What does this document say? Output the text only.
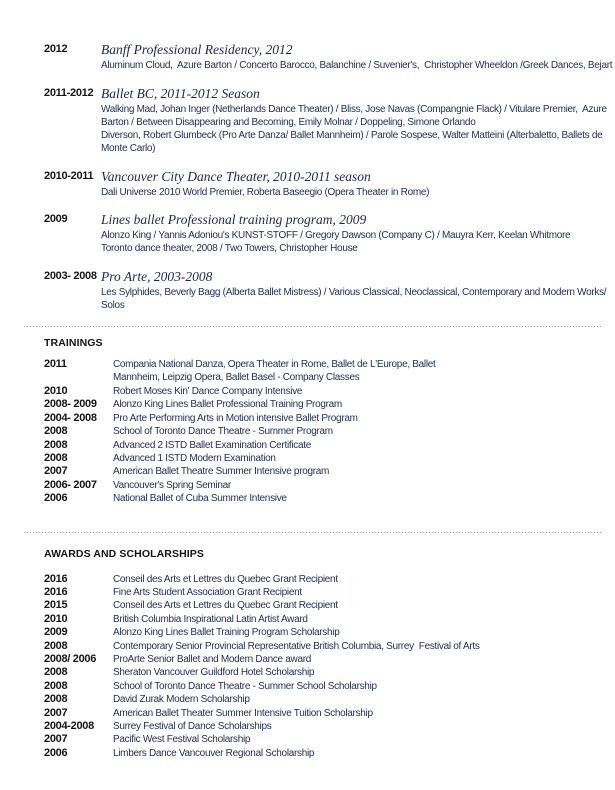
2012	Banff Professional Residency, 2012
Aluminum Cloud,  Azure Barton / Concerto Barocco, Balanchine / Suvenier's,  Christopher Wheeldon /Greek Dances, Bejart
2011-2012 Ballet BC, 2011-2012 Season
Walking Mad, Johan Inger (Netherlands Dance Theater) / Bliss, Jose Navas (Compangnie Flack) / Vitulare Premier,  Azure
Barton / Between Disappearing and Becoming, Emily Molnar / Doppeling, Simone Orlando
Diverson, Robert Glumbeck (Pro Arte Danza/ Ballet Mannheim) / Parole Sospese, Walter Matteini (Alterbaletto, Ballets de
Monte Carlo)
2010-2011 Vancouver City Dance Theater, 2010-2011 season
Dali Universe 2010 World Premier, Roberta Baseegio (Opera Theater in Rome)
2009	Lines ballet Professional training program, 2009
Alonzo King / Yannis Adoniou's KUNST-STOFF / Gregory Dawson (Company C) / Mauyra Kerr, Keelan Whitmore
Toronto dance theater, 2008 / Two Towers, Christopher House
2003- 2008 Pro Arte, 2003-2008
Les Sylphides, Beverly Bagg (Alberta Ballet Mistress) / Various Classical, Neoclassical, Contemporary and Modern Works/
Solos
TRAININGS
2011	Compania National Danza, Opera Theater in Rome, Ballet de L'Europe, Ballet
Mannheim, Leipzig Opera, Ballet Basel - Company Classes
2010	Robert Moses Kin' Dance Company Intensive
2008- 2009	Alonzo King Lines Ballet Professional Training Program
2004- 2008	Pro Arte Performing Arts in Motion intensive Ballet Program
2008	School of Toronto Dance Theatre - Summer Program
2008	Advanced 2 ISTD Ballet Examination Certificate
2008	Advanced 1 ISTD Modern Examination
2007	American Ballet Theatre Summer Intensive program
2006- 2007	Vancouver's Spring Seminar
2006	National Ballet of Cuba Summer Intensive
AWARDS AND SCHOLARSHIPS
2016	Conseil des Arts et Lettres du Quebec Grant Recipient
2016	Fine Arts Student Association Grant Recipient
2015	Conseil des Arts et Lettres du Quebec Grant Recipient
2010	British Columbia Inspirational Latin Artist Award
2009	Alonzo King Lines Ballet Training Program Scholarship
2008	Contemporary Senior Provincial Representative British Columbia, Surrey  Festival of Arts
2008/ 2006	ProArte Senior Ballet and Modern Dance award
2008	Sheraton Vancouver Guildford Hotel Scholarship
2008	School of Toronto Dance Theatre - Summer School Scholarship
2008	David Zurak Modern Scholarship
2007	American Ballet Theater Summer Intensive Tuition Scholarship
2004-2008	Surrey Festival of Dance Scholarships
2007	Pacific West Festival Scholarship
2006	Limbers Dance Vancouver Regional Scholarship
